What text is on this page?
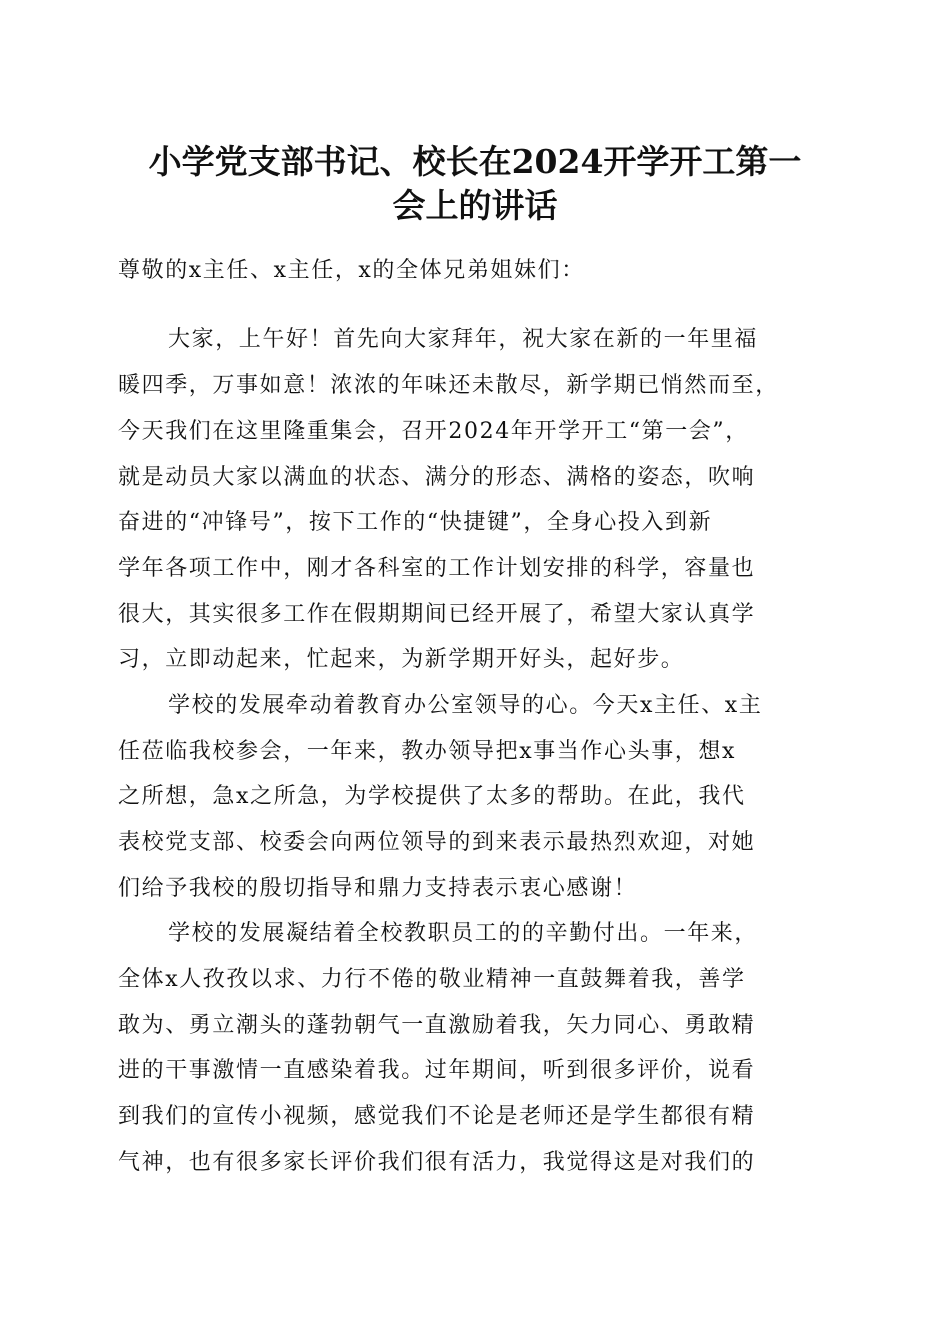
小学党支部书记、校长在2024开学开工第一
会上的讲话
尊敬的x主任、x主任，x的全体兄弟姐妹们：
大家，上午好！首先向大家拜年，祝大家在新的一年里福
暖四季，万事如意！浓浓的年味还未散尽，新学期已悄然而至，
今天我们在这里隆重集会，召开2024年开学开工“第一会”，
就是动员大家以满血的状态、满分的形态、满格的姿态，吹响
奋进的“冲锋号”，按下工作的“快捷键”，全身心投入到新
学年各项工作中，刚才各科室的工作计划安排的科学，容量也
很大，其实很多工作在假期期间已经开展了，希望大家认真学
习，立即动起来，忙起来，为新学期开好头，起好步。
学校的发展牵动着教育办公室领导的心。今天x主任、x主
任莅临我校参会，一年来，教办领导把x事当作心头事，想x
之所想，急x之所急，为学校提供了太多的帮助。在此，我代
表校党支部、校委会向两位领导的到来表示最热烈欢迎，对她
们给予我校的殷切指导和鼎力支持表示衷心感谢！
学校的发展凝结着全校教职员工的的辛勤付出。一年来，
全体x人孜孜以求、力行不倦的敬业精神一直鼓舞着我，善学
敢为、勇立潮头的蓬勃朝气一直激励着我，矢力同心、勇敢精
进的干事激情一直感染着我。过年期间，听到很多评价，说看
到我们的宣传小视频，感觉我们不论是老师还是学生都很有精
气神，也有很多家长评价我们很有活力，我觉得这是对我们的
